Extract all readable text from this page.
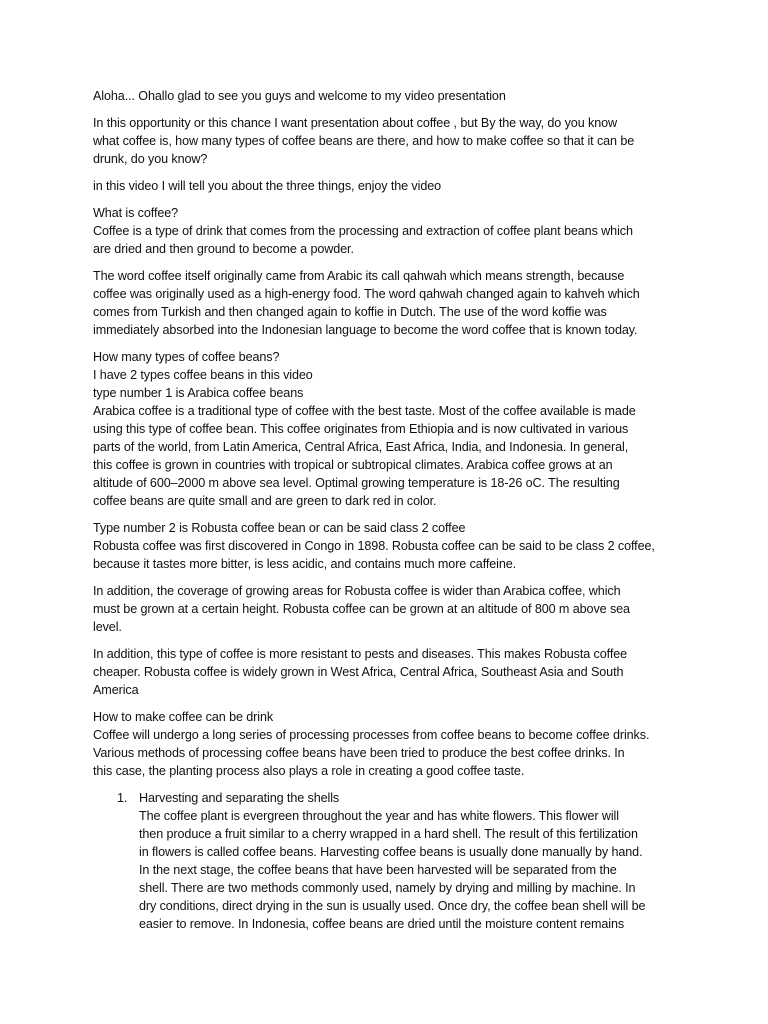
Aloha... Ohallo glad to see you guys and welcome to my video presentation

In this opportunity or this chance I want presentation about coffee , but By the way, do you know
what coffee is, how many types of coffee beans are there, and how to make coffee so that it can be
drunk, do you know?

in this video I will tell you about the three things, enjoy the video

What is coffee?
Coffee is a type of drink that comes from the processing and extraction of coffee plant beans which
are dried and then ground to become a powder.

The word coffee itself originally came from Arabic its call qahwah which means strength, because
coffee was originally used as a high-energy food. The word qahwah changed again to kahveh which
comes from Turkish and then changed again to koffie in Dutch. The use of the word koffie was
immediately absorbed into the Indonesian language to become the word coffee that is known today.

How many types of coffee beans?
I have 2 types coffee beans in this video
type number 1 is Arabica coffee beans
Arabica coffee is a traditional type of coffee with the best taste. Most of the coffee available is made
using this type of coffee bean. This coffee originates from Ethiopia and is now cultivated in various
parts of the world, from Latin America, Central Africa, East Africa, India, and Indonesia. In general,
this coffee is grown in countries with tropical or subtropical climates. Arabica coffee grows at an
altitude of 600–2000 m above sea level. Optimal growing temperature is 18-26 oC. The resulting
coffee beans are quite small and are green to dark red in color.

Type number 2 is Robusta coffee bean or can be said class 2 coffee
Robusta coffee was first discovered in Congo in 1898. Robusta coffee can be said to be class 2 coffee,
because it tastes more bitter, is less acidic, and contains much more caffeine.

In addition, the coverage of growing areas for Robusta coffee is wider than Arabica coffee, which
must be grown at a certain height. Robusta coffee can be grown at an altitude of 800 m above sea
level.

In addition, this type of coffee is more resistant to pests and diseases. This makes Robusta coffee
cheaper. Robusta coffee is widely grown in West Africa, Central Africa, Southeast Asia and South
America

How to make coffee can be drink
Coffee will undergo a long series of processing processes from coffee beans to become coffee drinks.
Various methods of processing coffee beans have been tried to produce the best coffee drinks. In
this case, the planting process also plays a role in creating a good coffee taste.

1. Harvesting and separating the shells
The coffee plant is evergreen throughout the year and has white flowers. This flower will
then produce a fruit similar to a cherry wrapped in a hard shell. The result of this fertilization
in flowers is called coffee beans. Harvesting coffee beans is usually done manually by hand.
In the next stage, the coffee beans that have been harvested will be separated from the
shell. There are two methods commonly used, namely by drying and milling by machine. In
dry conditions, direct drying in the sun is usually used. Once dry, the coffee bean shell will be
easier to remove. In Indonesia, coffee beans are dried until the moisture content remains
